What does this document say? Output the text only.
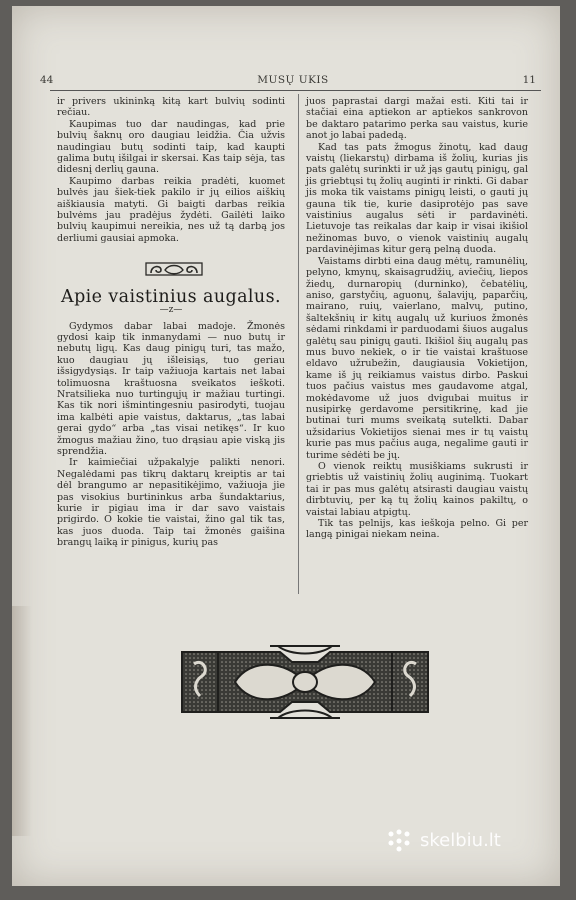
44	MUSŲ UKIS	11

ir privers ukininką kitą kart bulvių sodinti rečiau.

Kaupimas tuo dar naudingas, kad prie bulvių šaknų oro daugiau leidžia. Čia užvis naudingiau butų sodinti taip, kad kaupti galima butų išilgai ir skersai. Kas taip sėja, tas didesnį derlių gauna.

Kaupimo darbas reikia pradėti, kuomet bulvės jau šiek-tiek pakilo ir jų eilios aiškių aiškiausia matyti. Gi baigti darbas reikia bulvėms jau pradėjus žydėti. Gailėti laiko bulvių kaupimui nereikia, nes už tą darbą jos derliumi gausiai apmoka.

Apie vaistinius augalus.
—z—

Gydymos dabar labai madoje. Žmonės gydosi kaip tik inmanydami — nuo butų ir nebutų ligų. Kas daug pinigų turi, tas mažo, kuo daugiau jų išleisiąs, tuo geriau išsigydysiąs. Ir taip važiuoja kartais net labai tolimuosna kraštuosna sveikatos ieškoti. Nratsilieka nuo turtingųjų ir mažiau turtingi. Kas tik nori išmintingesniu pasirodyti, tuojau ima kalbėti apie vaistus, daktarus, „tas labai gerai gydo“ arba „tas visai netikęs“. Ir kuo žmogus mažiau žino, tuo drąsiau apie viską jis sprendžia.

Ir kaimiečiai užpakalyje palikti nenori. Negalėdami pas tikrų daktarų kreiptis ar tai dėl brangumo ar nepasitikėjimo, važiuoja jie pas visokius burtininkus arba šundaktarius, kurie ir pigiau ima ir dar savo vaistais prigirdo. O kokie tie vaistai, žino gal tik tas, kas juos duoda. Taip tai žmonės gaišina brangų laiką ir pinigus, kurių pas

juos paprastai dargi mažai esti. Kiti tai ir stačiai eina aptiekon ar aptiekos sankrovon be daktaro patarimo perka sau vaistus, kurie anot jo labai padedą.

Kad tas pats žmogus žinotų, kad daug vaistų (liekarstų) dirbama iš žolių, kurias jis pats galėtų surinkti ir už jąs gautų pinigų, gal jis griebtųsi tų žolių auginti ir rinkti. Gi dabar jis moka tik vaistams pinigų leisti, o gauti jų gauna tik tie, kurie dasiprotėjo pas save vaistinius augalus sėti ir pardavinėti. Lietuvoje tas reikalas dar kaip ir visai ikišiol nežinomas buvo, o vienok vaistinių augalų pardavinėjimas kitur gerą pelną duoda.

Vaistams dirbti eina daug mėtų, ramunėlių, pelyno, kmynų, skaisagrudžių, aviečių, liepos žiedų, durnaropių (durninko), čebatėlių, aniso, garstyčių, aguonų, šalavijų, paparčių, mairano, ruių, vaierlano, malvų, putino, šaltekšnių ir kitų augalų už kuriuos žmonės sėdami rinkdami ir parduodami šiuos augalus galėtų sau pinigų gauti. Ikišiol šių augalų pas mus buvo nekiek, o ir tie vaistai kraštuose eldavo užrubežin, daugiausia Vokietijon, kame iš jų reikiamus vaistus dirbo. Paskui tuos pačius vaistus mes gaudavome atgal, mokėdavome už juos dvigubai muitus ir nusipirkę gerdavome persitikrinę, kad jie butinai turi mums sveikatą sutelkti. Dabar užsidarius Vokietijos sienai mes ir tų vaistų kurie pas mus pačius auga, negalime gauti ir turime sėdėti be jų.

O vienok reiktų musiškiams sukrusti ir griebtis už vaistinių žolių auginimą. Tuokart tai ir pas mus galėtų atsirasti daugiau vaistų dirbtuvių, per ką tų žolių kainos pakiltų, o vaistai labiau atpigtų.

Tik tas pelnijs, kas ieškoja pelno. Gi per langą pinigai niekam neina.

skelbiu.lt
